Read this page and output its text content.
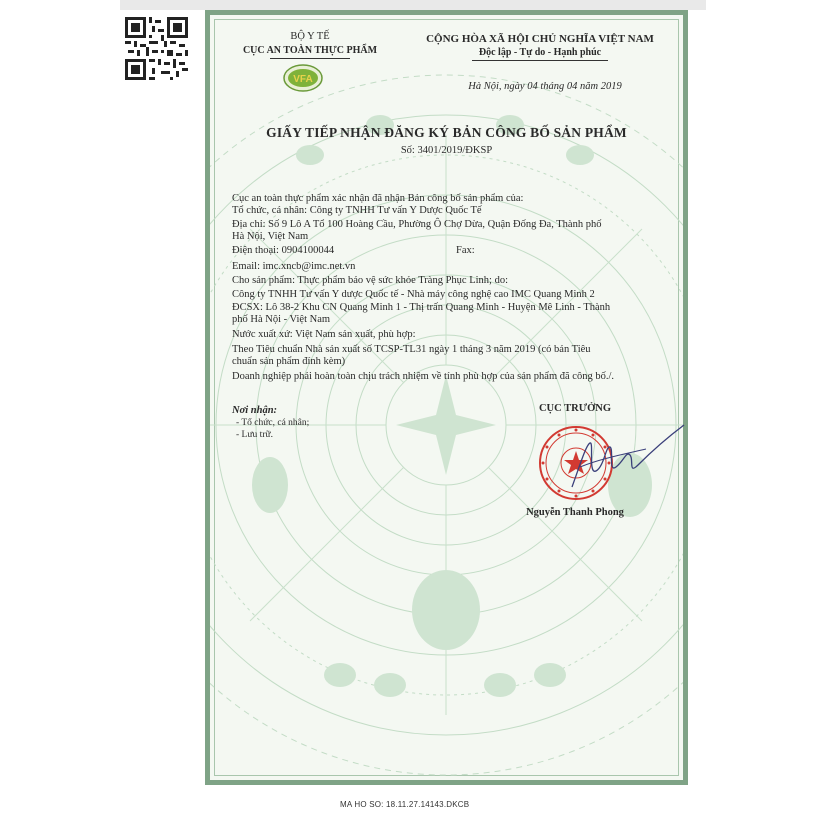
BỘ Y TẾ
CỤC AN TOÀN THỰC PHẨM
VFA
CỘNG HÒA XÃ HỘI CHỦ NGHĨA VIỆT NAM
Độc lập - Tự do - Hạnh phúc
Hà Nội, ngày 04 tháng 04 năm 2019
GIẤY TIẾP NHẬN ĐĂNG KÝ BẢN CÔNG BỐ SẢN PHẨM
Số: 3401/2019/ĐKSP
Cục an toàn thực phẩm xác nhận đã nhận Bản công bố sản phẩm của:
Tổ chức, cá nhân: Công ty TNHH Tư vấn Y Dược Quốc Tế
Địa chỉ: Số 9 Lô A Tổ 100 Hoàng Cầu, Phường Ô Chợ Dừa, Quận Đống Đa, Thành phố
Hà Nội, Việt Nam
Điện thoại: 0904100044	Fax:
Email: imc.xncb@imc.net.vn
Cho sản phẩm: Thực phẩm bảo vệ sức khỏe Tràng Phục Linh; do:
Công ty TNHH Tư vấn Y dược Quốc tế - Nhà máy công nghệ cao IMC Quang Minh 2
ĐCSX: Lô 38-2 Khu CN Quang Minh 1 - Thị trấn Quang Minh - Huyện Mê Linh - Thành
phố Hà Nội - Việt Nam
Nước xuất xứ: Việt Nam sản xuất, phù hợp:
Theo Tiêu chuẩn Nhà sản xuất số TCSP-TL31 ngày 1 tháng 3 năm 2019 (có bản Tiêu
chuẩn sản phẩm đính kèm)
Doanh nghiệp phải hoàn toàn chịu trách nhiệm về tính phù hợp của sản phẩm đã công bố./.
Nơi nhận:
- Tổ chức, cá nhân;
- Lưu trữ.
CỤC TRƯỞNG
Nguyễn Thanh Phong
MA HO SO: 18.11.27.14143.DKCB
